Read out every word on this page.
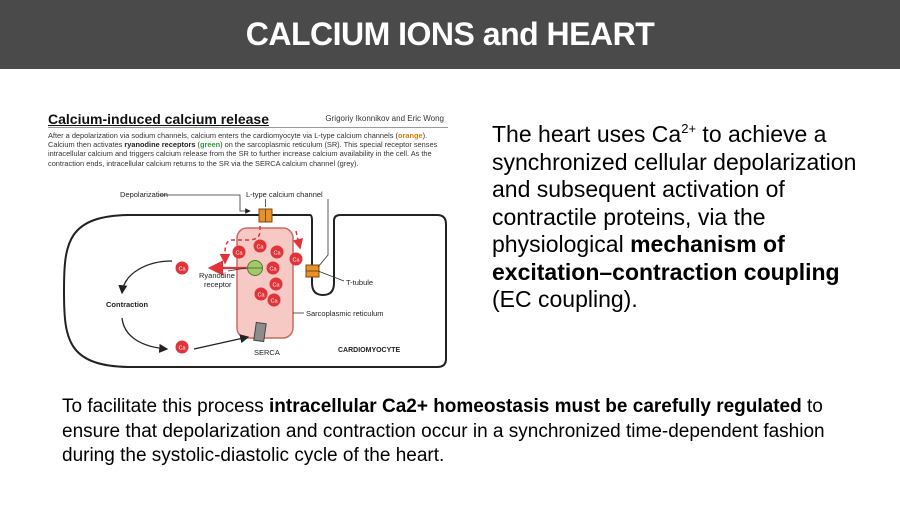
CALCIUM IONS and HEART
Calcium-induced calcium release	Grigoriy Ikonnikov and Eric Wong
After a depolarization via sodium channels, calcium enters the cardiomyocyte via L-type calcium channels (orange). Calcium then activates ryanodine receptors (green) on the sarcoplasmic reticulum (SR). This special receptor senses intracellular calcium and triggers calcium release from the SR to further increase calcium availability in the cell. As the contraction ends, intracellular calcium returns to the SR via the SERCA calcium channel (grey).
Ca
Ca
Ca
Ca
Ca
Ca
Ca
Ca
Ca
Ca
Depolarization	L-type calcium channel
Ryanodine
receptor	T-tubule
Contraction
Sarcoplasmic reticulum
SERCA	CARDIOMYOCYTE
The heart uses $Ca^{2+}$ to achieve a synchronized cellular depolarization and subsequent activation of contractile proteins, via the physiological mechanism of excitation–contraction coupling (EC coupling).
To facilitate this process intracellular Ca2+ homeostasis must be carefully regulated to ensure that depolarization and contraction occur in a synchronized time-dependent fashion during the systolic-diastolic cycle of the heart.
